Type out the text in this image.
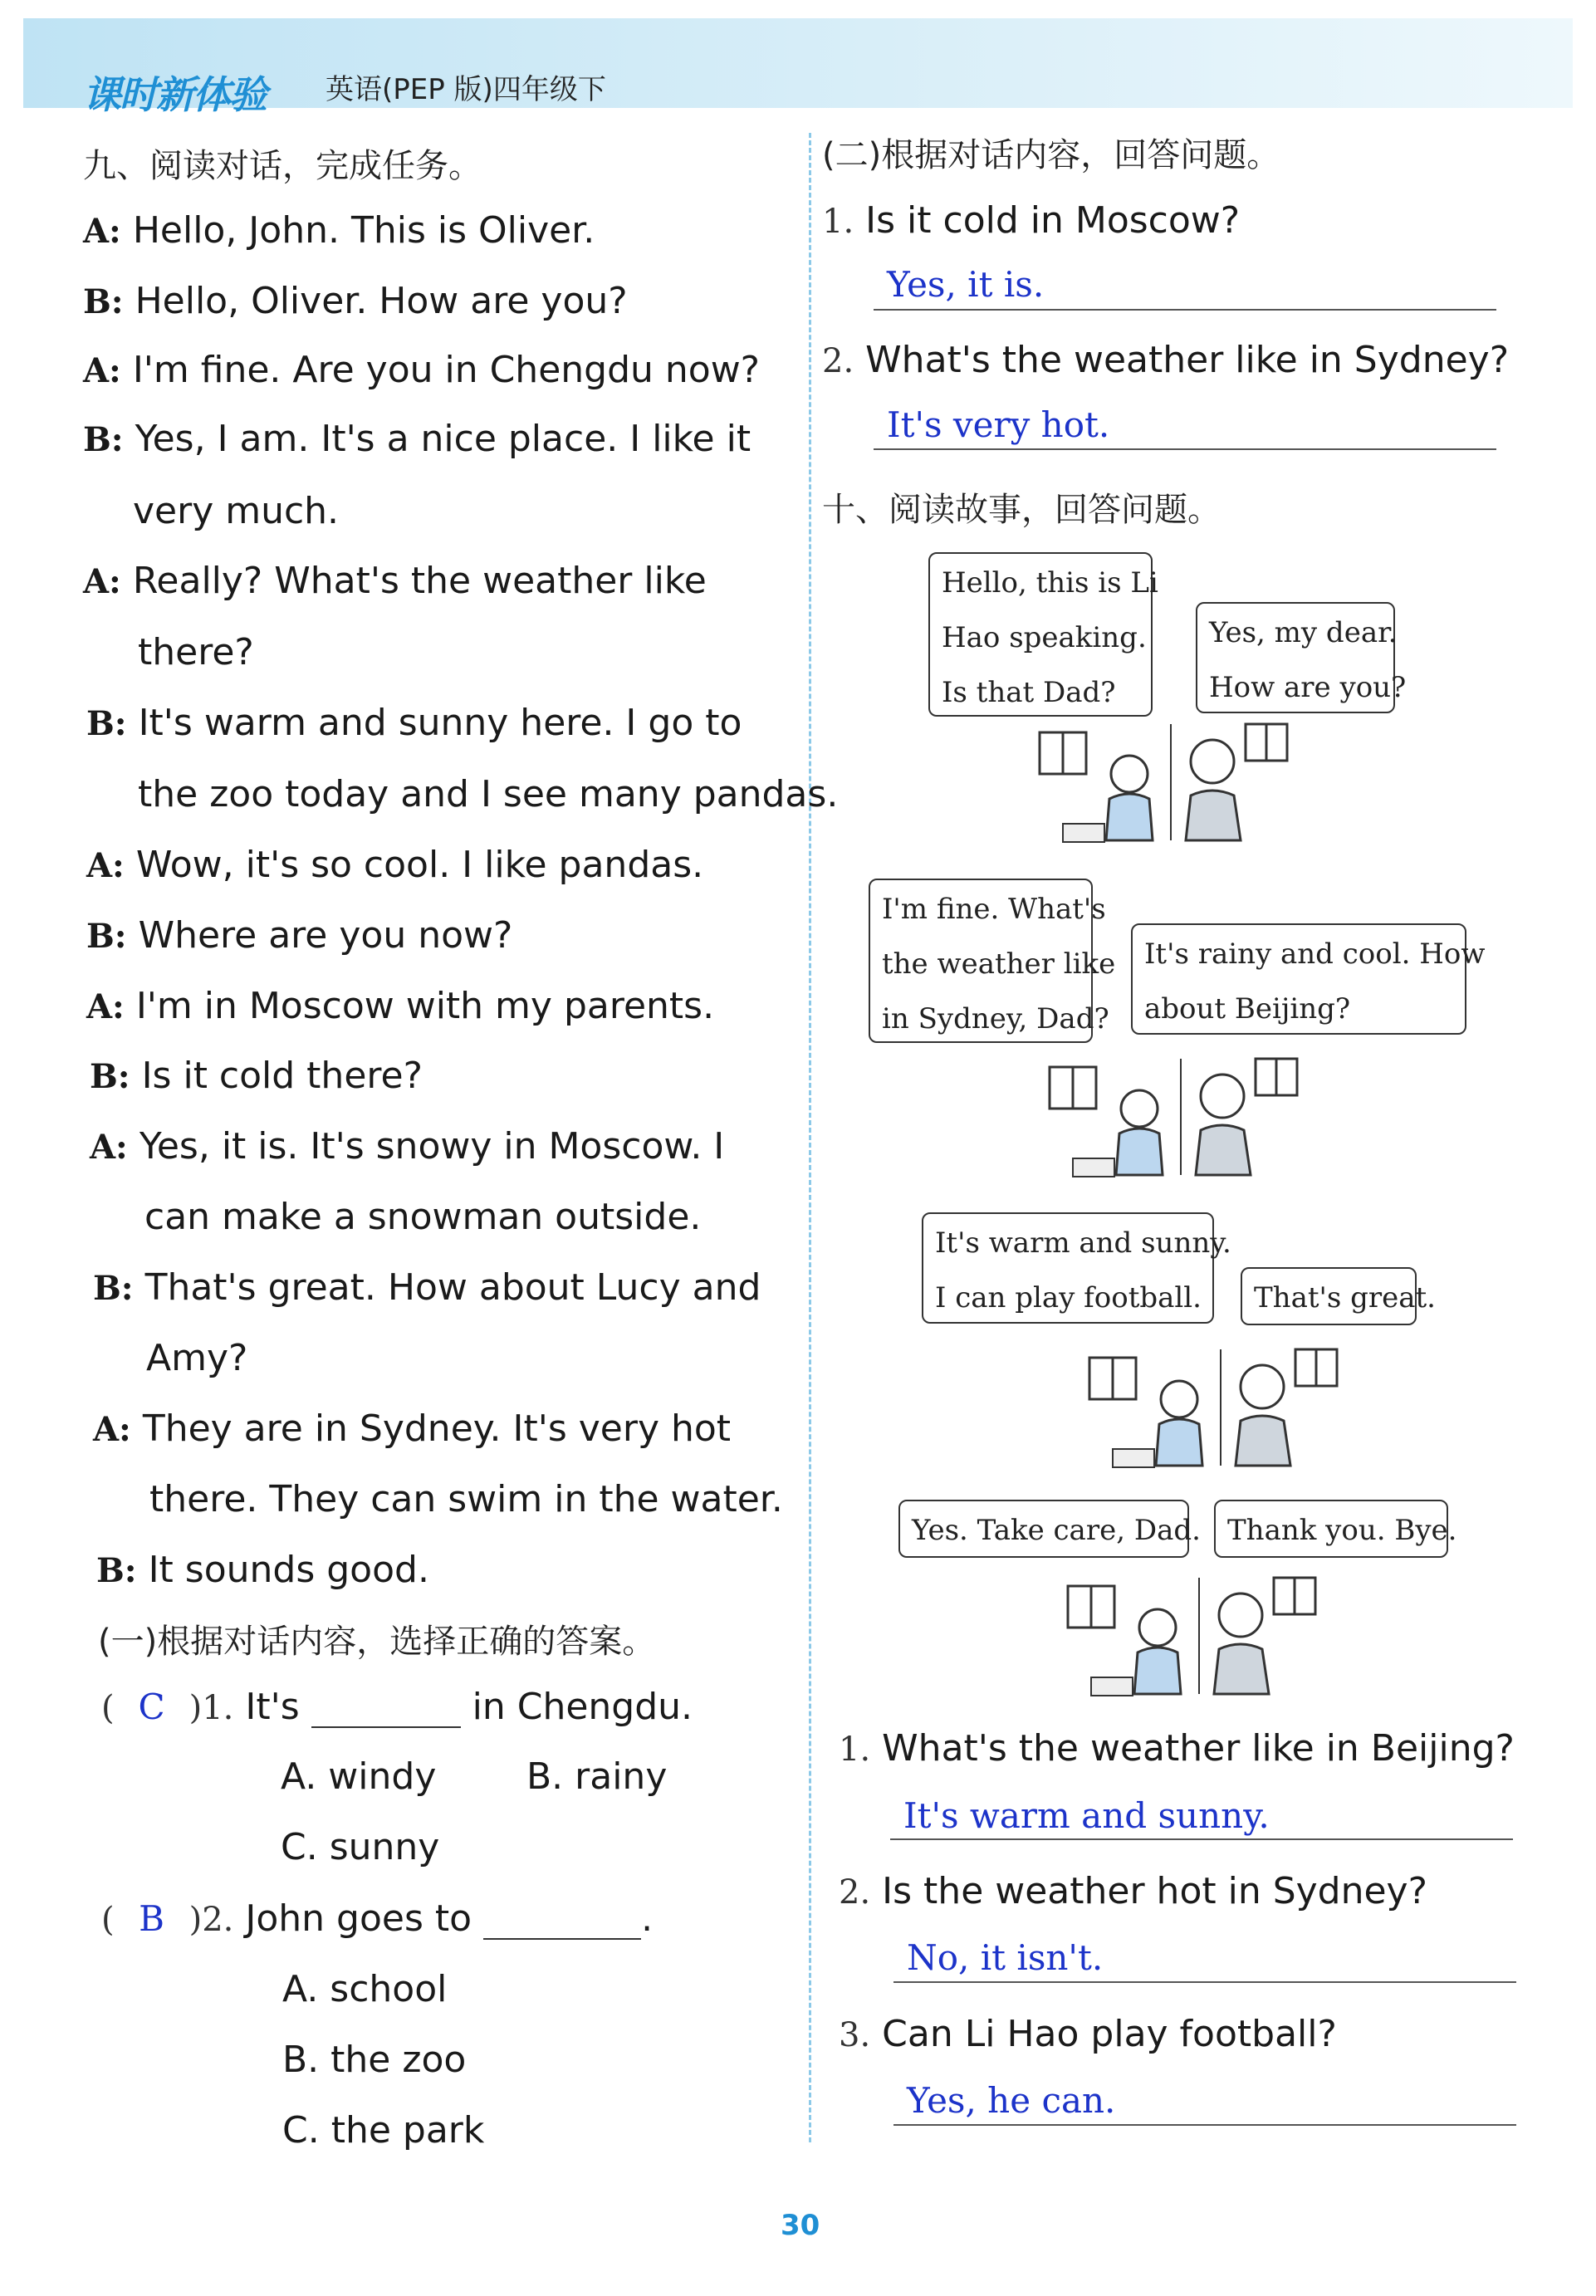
课时新体验 英语(PEP 版)四年级下
九、阅读对话，完成任务。
A: Hello, John. This is Oliver.
B: Hello, Oliver. How are you?
A: I'm fine. Are you in Chengdu now?
B: Yes, I am. It's a nice place. I like it
very much.
A: Really? What's the weather like
there?
B: It's warm and sunny here. I go to
the zoo today and I see many pandas.
A: Wow, it's so cool. I like pandas.
B: Where are you now?
A: I'm in Moscow with my parents.
B: Is it cold there?
A: Yes, it is. It's snowy in Moscow. I
can make a snowman outside.
B: That's great. How about Lucy and
Amy?
A: They are in Sydney. It's very hot
there. They can swim in the water.
B: It sounds good.
(一)根据对话内容，选择正确的答案。
( C )1. It's	in Chengdu.
A. windy B. rainy
C. sunny
( B )2. John goes to	.
A. school
B. the zoo
C. the park
(二)根据对话内容，回答问题。
1. Is it cold in Moscow?
Yes, it is.
2. What's the weather like in Sydney?
It's very hot.
十、阅读故事，回答问题。
Hello, this is Li
Hao speaking.
Is that Dad?
Yes, my dear.
How are you?
I'm fine. What's
the weather like
in Sydney, Dad?
It's rainy and cool. How
about Beijing?
It's warm and sunny.
I can play football. That's great.
Yes. Take care, Dad. Thank you. Bye.
1. What's the weather like in Beijing?
It's warm and sunny.
2. Is the weather hot in Sydney?
No, it isn't.
3. Can Li Hao play football?
Yes, he can.
30
